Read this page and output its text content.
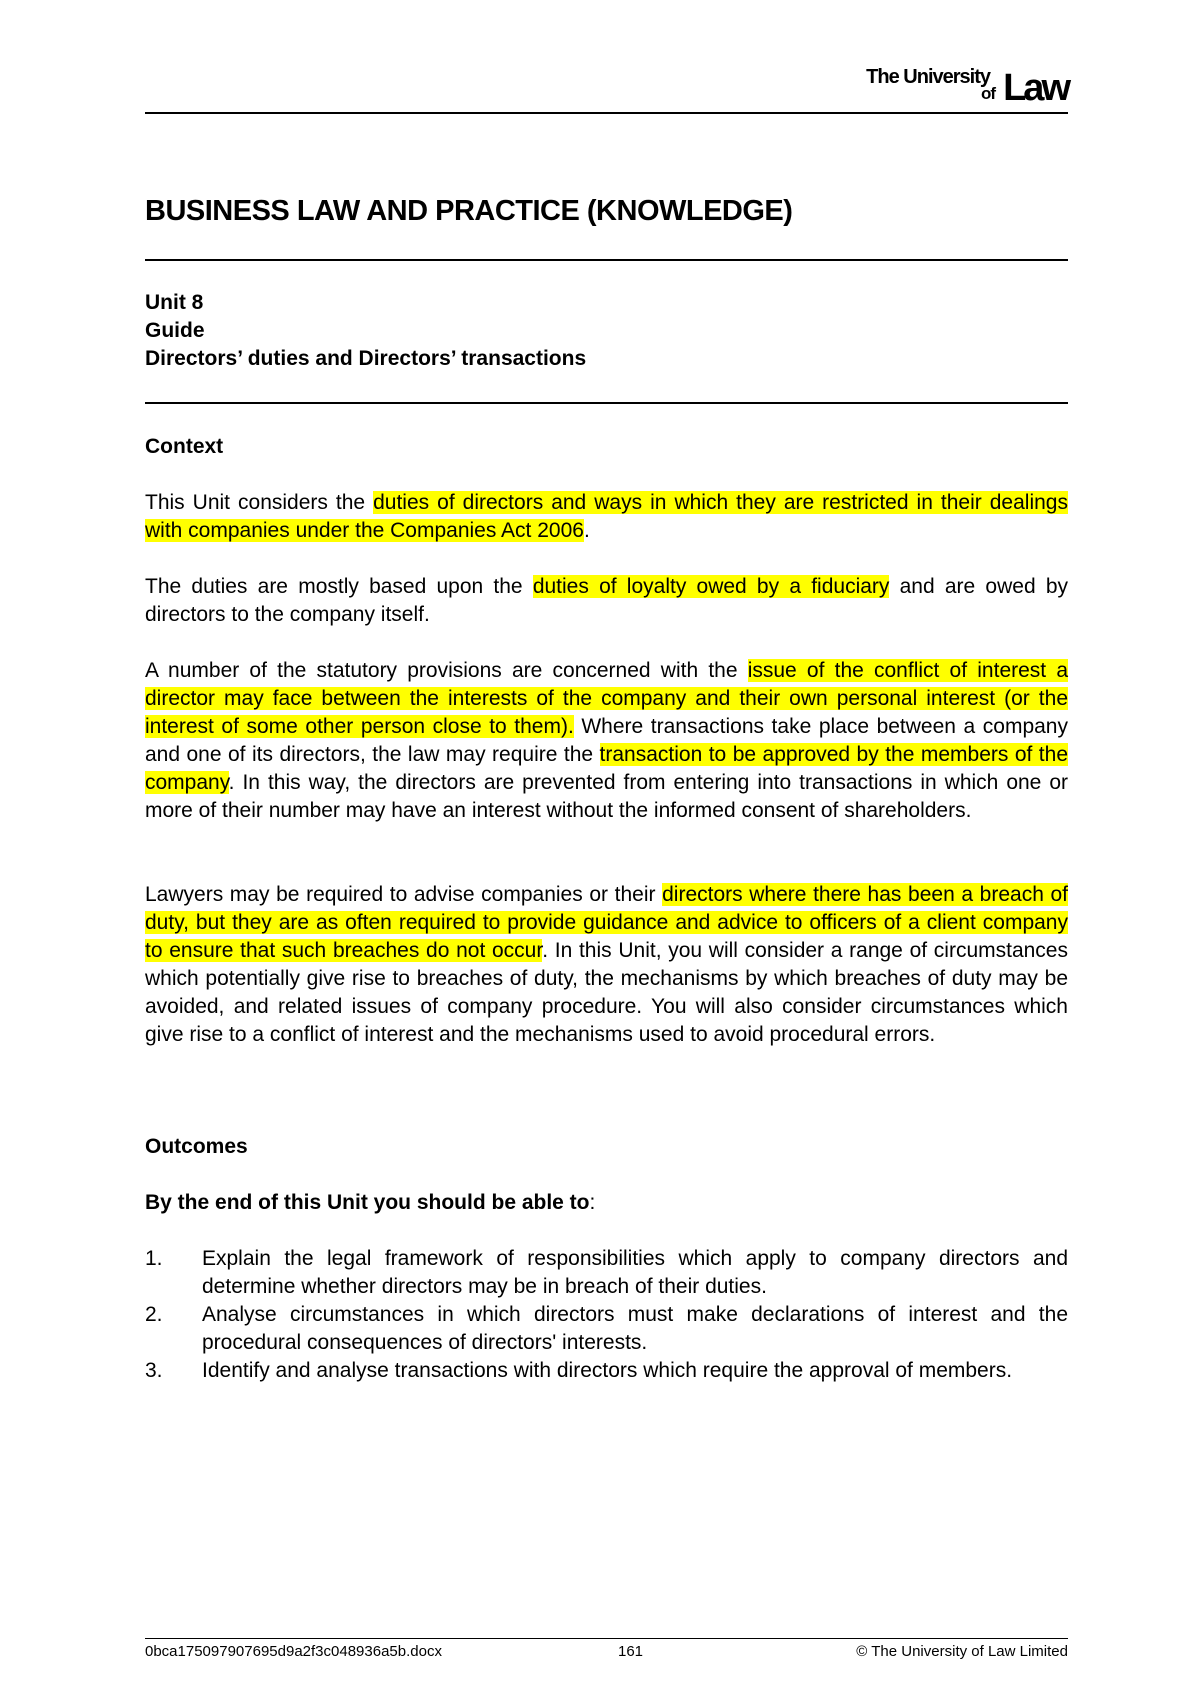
The University
of Law
BUSINESS LAW AND PRACTICE (KNOWLEDGE)
Unit 8
Guide
Directors’ duties and Directors’ transactions
Context
This Unit considers the duties of directors and ways in which they are restricted in their dealings with companies under the Companies Act 2006.
The duties are mostly based upon the duties of loyalty owed by a fiduciary and are owed by directors to the company itself.
A number of the statutory provisions are concerned with the issue of the conflict of interest a director may face between the interests of the company and their own personal interest (or the interest of some other person close to them). Where transactions take place between a company and one of its directors, the law may require the transaction to be approved by the members of the company. In this way, the directors are prevented from entering into transactions in which one or more of their number may have an interest without the informed consent of shareholders.
Lawyers may be required to advise companies or their directors where there has been a breach of duty, but they are as often required to provide guidance and advice to officers of a client company to ensure that such breaches do not occur. In this Unit, you will consider a range of circumstances which potentially give rise to breaches of duty, the mechanisms by which breaches of duty may be avoided, and related issues of company procedure. You will also consider circumstances which give rise to a conflict of interest and the mechanisms used to avoid procedural errors.
Outcomes
By the end of this Unit you should be able to:
1. Explain the legal framework of responsibilities which apply to company directors and determine whether directors may be in breach of their duties.
2. Analyse circumstances in which directors must make declarations of interest and the procedural consequences of directors' interests.
3. Identify and analyse transactions with directors which require the approval of members.
0bca175097907695d9a2f3c048936a5b.docx	161	© The University of Law Limited
